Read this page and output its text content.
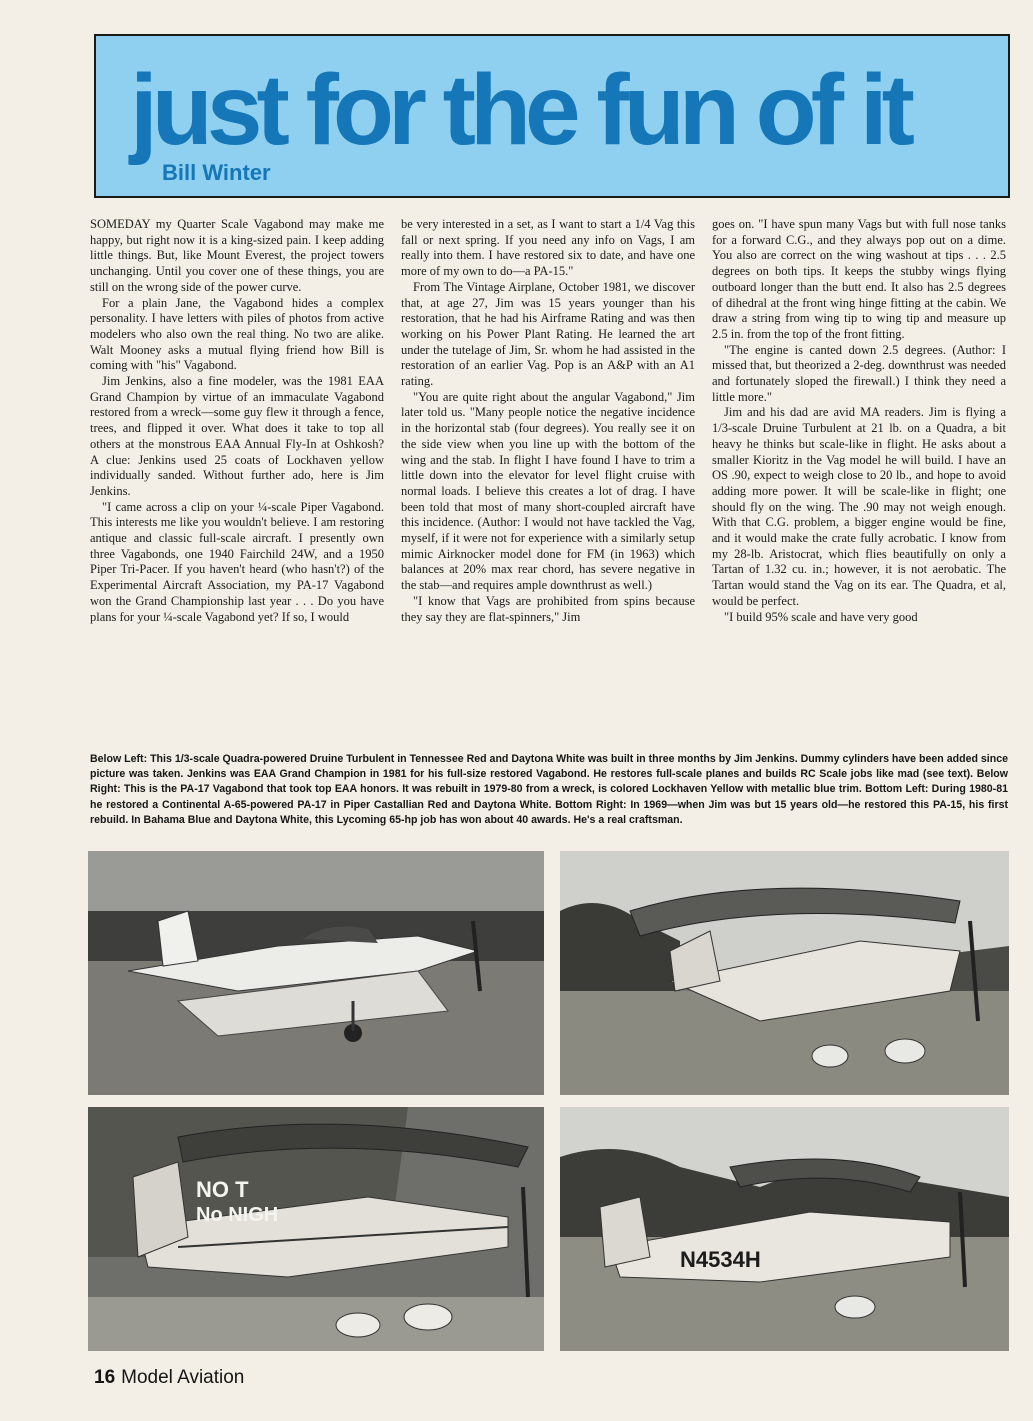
just for the fun of it
Bill Winter

SOMEDAY my Quarter Scale Vagabond may make me happy, but right now it is a king-sized pain. I keep adding little things. But, like Mount Everest, the project towers unchanging. Until you cover one of these things, you are still on the wrong side of the power curve.

For a plain Jane, the Vagabond hides a complex personality. I have letters with piles of photos from active modelers who also own the real thing. No two are alike. Walt Mooney asks a mutual flying friend how Bill is coming with "his" Vagabond.

Jim Jenkins, also a fine modeler, was the 1981 EAA Grand Champion by virtue of an immaculate Vagabond restored from a wreck—some guy flew it through a fence, trees, and flipped it over. What does it take to top all others at the monstrous EAA Annual Fly-In at Oshkosh? A clue: Jenkins used 25 coats of Lockhaven yellow individually sanded. Without further ado, here is Jim Jenkins.

"I came across a clip on your ¼-scale Piper Vagabond. This interests me like you wouldn't believe. I am restoring antique and classic full-scale aircraft. I presently own three Vagabonds, one 1940 Fairchild 24W, and a 1950 Piper Tri-Pacer. If you haven't heard (who hasn't?) of the Experimental Aircraft Association, my PA-17 Vagabond won the Grand Championship last year . . . Do you have plans for your ¼-scale Vagabond yet? If so, I would

be very interested in a set, as I want to start a 1/4 Vag this fall or next spring. If you need any info on Vags, I am really into them. I have restored six to date, and have one more of my own to do—a PA-15."

From The Vintage Airplane, October 1981, we discover that, at age 27, Jim was 15 years younger than his restoration, that he had his Airframe Rating and was then working on his Power Plant Rating. He learned the art under the tutelage of Jim, Sr. whom he had assisted in the restoration of an earlier Vag. Pop is an A&P with an A1 rating.

"You are quite right about the angular Vagabond," Jim later told us. "Many people notice the negative incidence in the horizontal stab (four degrees). You really see it on the side view when you line up with the bottom of the wing and the stab. In flight I have found I have to trim a little down into the elevator for level flight cruise with normal loads. I believe this creates a lot of drag. I have been told that most of many short-coupled aircraft have this incidence. (Author: I would not have tackled the Vag, myself, if it were not for experience with a similarly setup mimic Airknocker model done for FM (in 1963) which balances at 20% max rear chord, has severe negative in the stab—and requires ample downthrust as well.)

"I know that Vags are prohibited from spins because they say they are flat-spinners," Jim

goes on. "I have spun many Vags but with full nose tanks for a forward C.G., and they always pop out on a dime. You also are correct on the wing washout at tips . . . 2.5 degrees on both tips. It keeps the stubby wings flying outboard longer than the butt end. It also has 2.5 degrees of dihedral at the front wing hinge fitting at the cabin. We draw a string from wing tip to wing tip and measure up 2.5 in. from the top of the front fitting.

"The engine is canted down 2.5 degrees. (Author: I missed that, but theorized a 2-deg. downthrust was needed and fortunately sloped the firewall.) I think they need a little more."

Jim and his dad are avid MA readers. Jim is flying a 1/3-scale Druine Turbulent at 21 lb. on a Quadra, a bit heavy he thinks but scale-like in flight. He asks about a smaller Kioritz in the Vag model he will build. I have an OS .90, expect to weigh close to 20 lb., and hope to avoid adding more power. It will be scale-like in flight; one should fly on the wing. The .90 may not weigh enough. With that C.G. problem, a bigger engine would be fine, and it would make the crate fully acrobatic. I know from my 28-lb. Aristocrat, which flies beautifully on only a Tartan of 1.32 cu. in.; however, it is not aerobatic. The Tartan would stand the Vag on its ear. The Quadra, et al, would be perfect.

"I build 95% scale and have very good

Below Left: This 1/3-scale Quadra-powered Druine Turbulent in Tennessee Red and Daytona White was built in three months by Jim Jenkins. Dummy cylinders have been added since picture was taken. Jenkins was EAA Grand Champion in 1981 for his full-size restored Vagabond. He restores full-scale planes and builds RC Scale jobs like mad (see text). Below Right: This is the PA-17 Vagabond that took top EAA honors. It was rebuilt in 1979-80 from a wreck, is colored Lockhaven Yellow with metallic blue trim. Bottom Left: During 1980-81 he restored a Continental A-65-powered PA-17 in Piper Castallian Red and Daytona White. Bottom Right: In 1969—when Jim was but 15 years old—he restored this PA-15, his first rebuild. In Bahama Blue and Daytona White, this Lycoming 65-hp job has won about 40 awards. He's a real craftsman.
NO T
No NIGH
N4534H
16 Model Aviation
